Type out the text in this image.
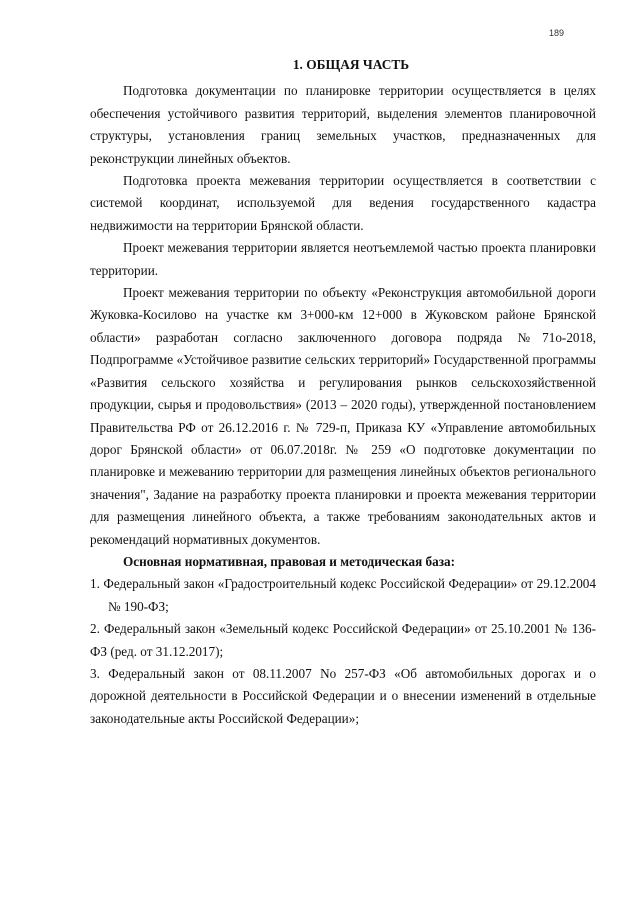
189
1. ОБЩАЯ ЧАСТЬ

Подготовка документации по планировке территории осуществляется в целях обеспечения устойчивого развития территорий, выделения элементов планировочной структуры, установления границ земельных участков, предназначенных для реконструкции линейных объектов.

Подготовка проекта межевания территории осуществляется в соответствии с системой координат, используемой для ведения государственного кадастра недвижимости на территории Брянской области.

Проект межевания территории является неотъемлемой частью проекта планировки территории.

Проект межевания территории по объекту «Реконструкция автомобильной дороги Жуковка-Косилово на участке км 3+000-км 12+000 в Жуковском районе Брянской области» разработан согласно заключенного договора подряда №71о-2018, Подпрограмме «Устойчивое развитие сельских территорий» Государственной программы «Развития сельского хозяйства и регулирования рынков сельскохозяйственной продукции, сырья и продовольствия» (2013 – 2020 годы), утвержденной постановлением Правительства РФ от 26.12.2016 г. № 729-п, Приказа КУ «Управление автомобильных дорог Брянской области» от 06.07.2018г. № 259 «О подготовке документации по планировке и межеванию территории для размещения линейных объектов регионального значения", Задание на разработку проекта планировки и проекта межевания территории для размещения линейного объекта, а также требованиям законодательных актов и рекомендаций нормативных документов.

Основная нормативная, правовая и методическая база:
1. Федеральный закон «Градостроительный кодекс Российской Федерации» от 29.12.2004 № 190-ФЗ;
2. Федеральный закон «Земельный кодекс Российской Федерации» от 25.10.2001 № 136-ФЗ (ред. от 31.12.2017);
3. Федеральный закон от 08.11.2007 No 257-ФЗ «Об автомобильных дорогах и о дорожной деятельности в Российской Федерации и о внесении изменений в отдельные законодательные акты Российской Федерации»;
